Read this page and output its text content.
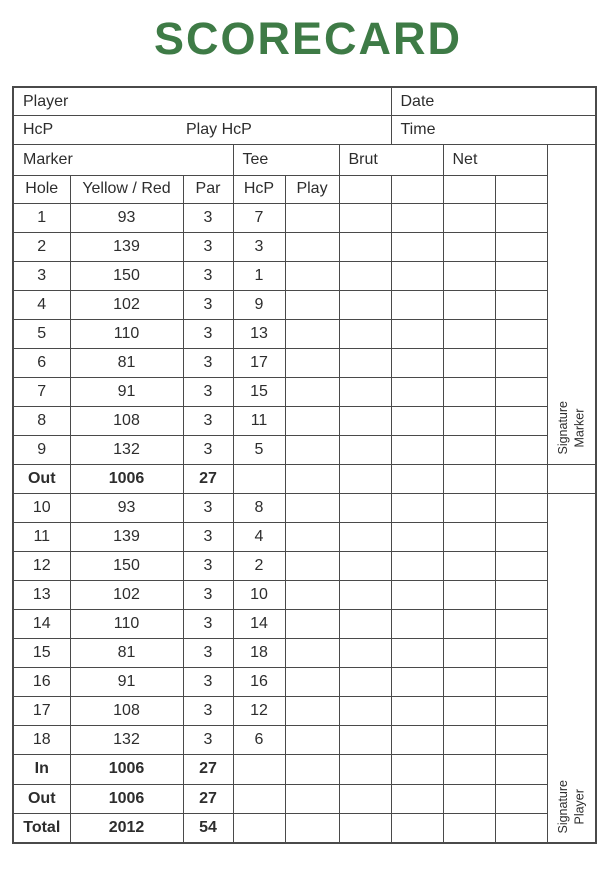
SCORECARD
Player						Date			
HcP Play HcP						Time			
Marker			Tee		Brut		Net		Signature Marker

Hole	Yellow / Red	Par	HcP	Play					
1	93	3	7						
2	139	3	3						
3	150	3	1						
4	102	3	9						
5	110	3	13						
6	81	3	17						
7	91	3	15						
8	108	3	11						
9	132	3	5						
Out	1006	27							
10	93	3	8						Signature Player

11	139	3	4						
12	150	3	2						
13	102	3	10						
14	110	3	14						
15	81	3	18						
16	91	3	16						
17	108	3	12						
18	132	3	6						
In	1006	27							
Out	1006	27							
Total	2012	54							
